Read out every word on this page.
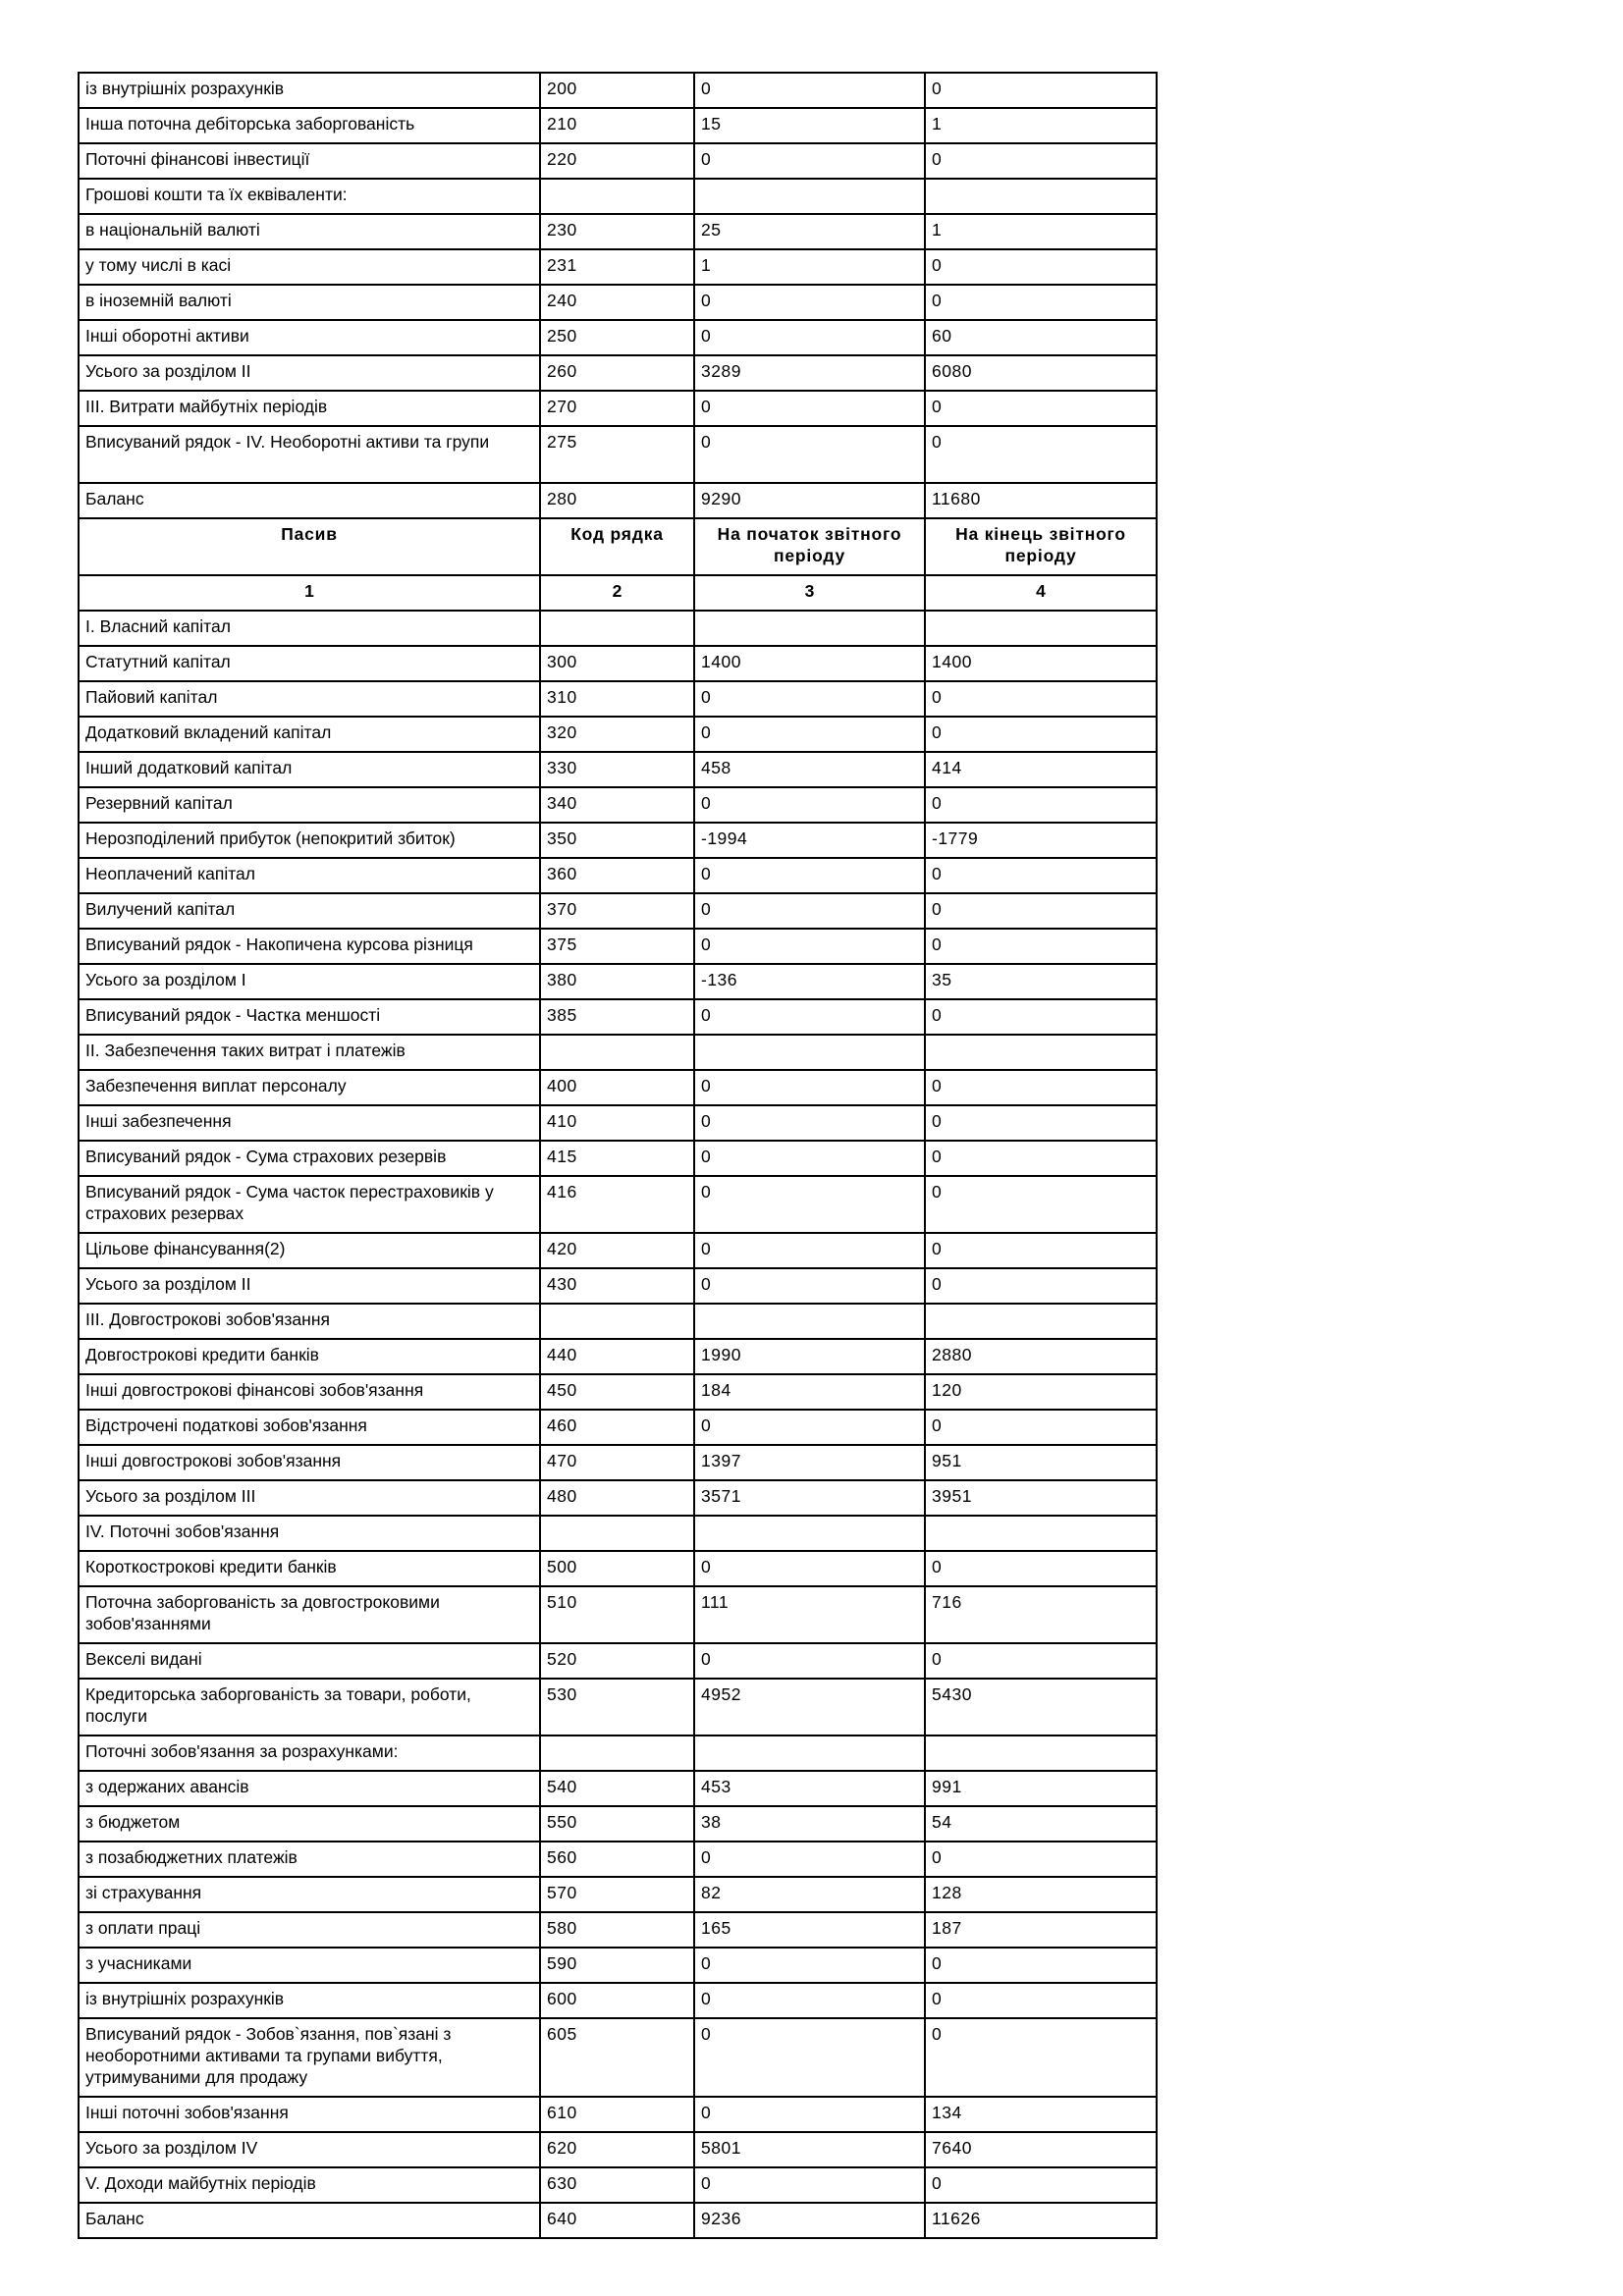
із внутрішніх розрахунків	200	0	0
Інша поточна дебіторська заборгованість	210	15	1
Поточні фінансові інвестиції	220	0	0
Грошові кошти та їх еквіваленти:			
в національній валюті	230	25	1
у тому числі в касі	231	1	0
в іноземній валюті	240	0	0
Інші оборотні активи	250	0	60
Усього за розділом II	260	3289	6080
III. Витрати майбутніх періодів	270	0	0
Вписуваний рядок - IV. Необоротні активи та групи	275	0	0
Баланс	280	9290	11680
Пасив	Код рядка	На початок звітного періоду	На кінець звітного періоду
1	2	3	4
I. Власний капітал			
Статутний капітал	300	1400	1400
Пайовий капітал	310	0	0
Додатковий вкладений капітал	320	0	0
Інший додатковий капітал	330	458	414
Резервний капітал	340	0	0
Нерозподілений прибуток (непокритий збиток)	350	-1994	-1779
Неоплачений капітал	360	0	0
Вилучений капітал	370	0	0
Вписуваний рядок - Накопичена курсова різниця	375	0	0
Усього за розділом I	380	-136	35
Вписуваний рядок - Частка меншості	385	0	0
II. Забезпечення таких витрат і платежів			
Забезпечення виплат персоналу	400	0	0
Інші забезпечення	410	0	0
Вписуваний рядок - Сума страхових резервів	415	0	0
Вписуваний рядок - Сума часток перестраховиків у страхових резервах	416	0	0
Цільове фінансування(2)	420	0	0
Усього за розділом II	430	0	0
III. Довгострокові зобов'язання			
Довгострокові кредити банків	440	1990	2880
Інші довгострокові фінансові зобов'язання	450	184	120
Відстрочені податкові зобов'язання	460	0	0
Інші довгострокові зобов'язання	470	1397	951
Усього за розділом III	480	3571	3951
IV. Поточні зобов'язання			
Короткострокові кредити банків	500	0	0
Поточна заборгованість за довгостроковими зобов'язаннями	510	111	716
Векселі видані	520	0	0
Кредиторська заборгованість за товари, роботи, послуги	530	4952	5430
Поточні зобов'язання за розрахунками:			
з одержаних авансів	540	453	991
з бюджетом	550	38	54
з позабюджетних платежів	560	0	0
зі страхування	570	82	128
з оплати праці	580	165	187
з учасниками	590	0	0
із внутрішніх розрахунків	600	0	0
Вписуваний рядок - Зобов`язання, пов`язані з необоротними активами та групами вибуття, утримуваними для продажу	605	0	0
Інші поточні зобов'язання	610	0	134
Усього за розділом IV	620	5801	7640
V. Доходи майбутніх періодів	630	0	0
Баланс	640	9236	11626
